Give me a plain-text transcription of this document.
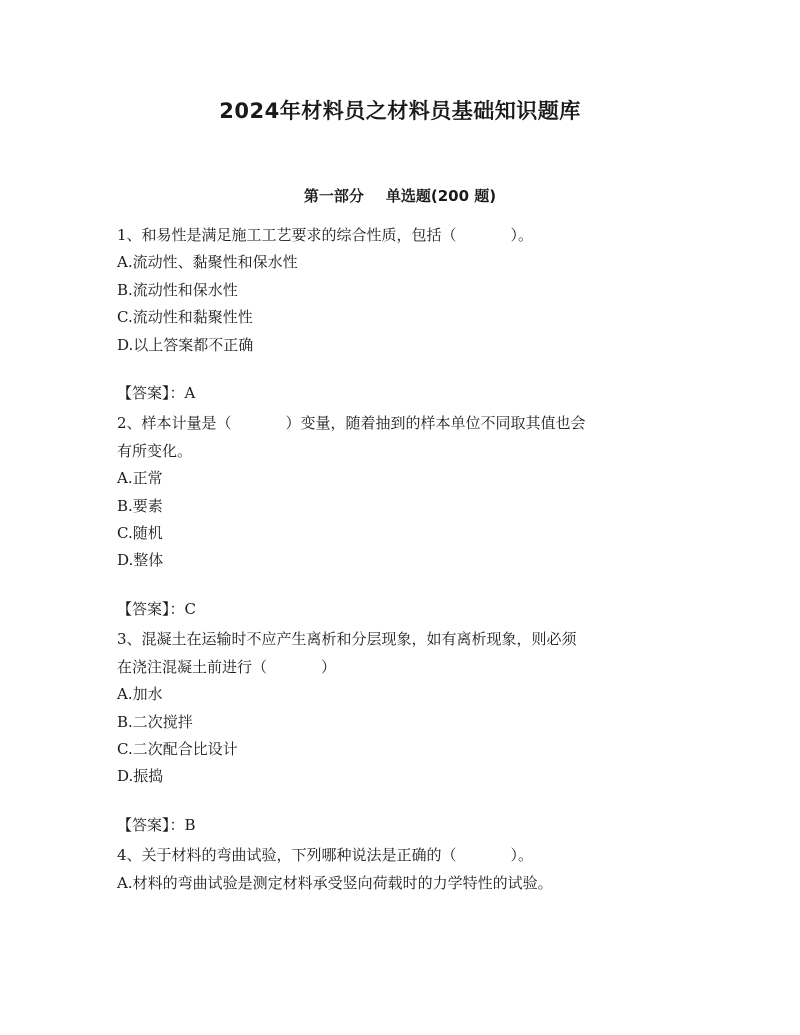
2024年材料员之材料员基础知识题库
第一部分 单选题(200 题)
1、和易性是满足施工工艺要求的综合性质，包括（	）。
A.流动性、黏聚性和保水性
B.流动性和保水性
C.流动性和黏聚性性
D.以上答案都不正确
【答案】：A
2、样本计量是（	）变量，随着抽到的样本单位不同取其值也会
有所变化。
A.正常
B.要素
C.随机
D.整体
【答案】：C
3、混凝土在运输时不应产生离析和分层现象，如有离析现象，则必须
在浇注混凝土前进行（	）
A.加水
B.二次搅拌
C.二次配合比设计
D.振捣
【答案】：B
4、关于材料的弯曲试验，下列哪种说法是正确的（	）。
A.材料的弯曲试验是测定材料承受竖向荷载时的力学特性的试验。
